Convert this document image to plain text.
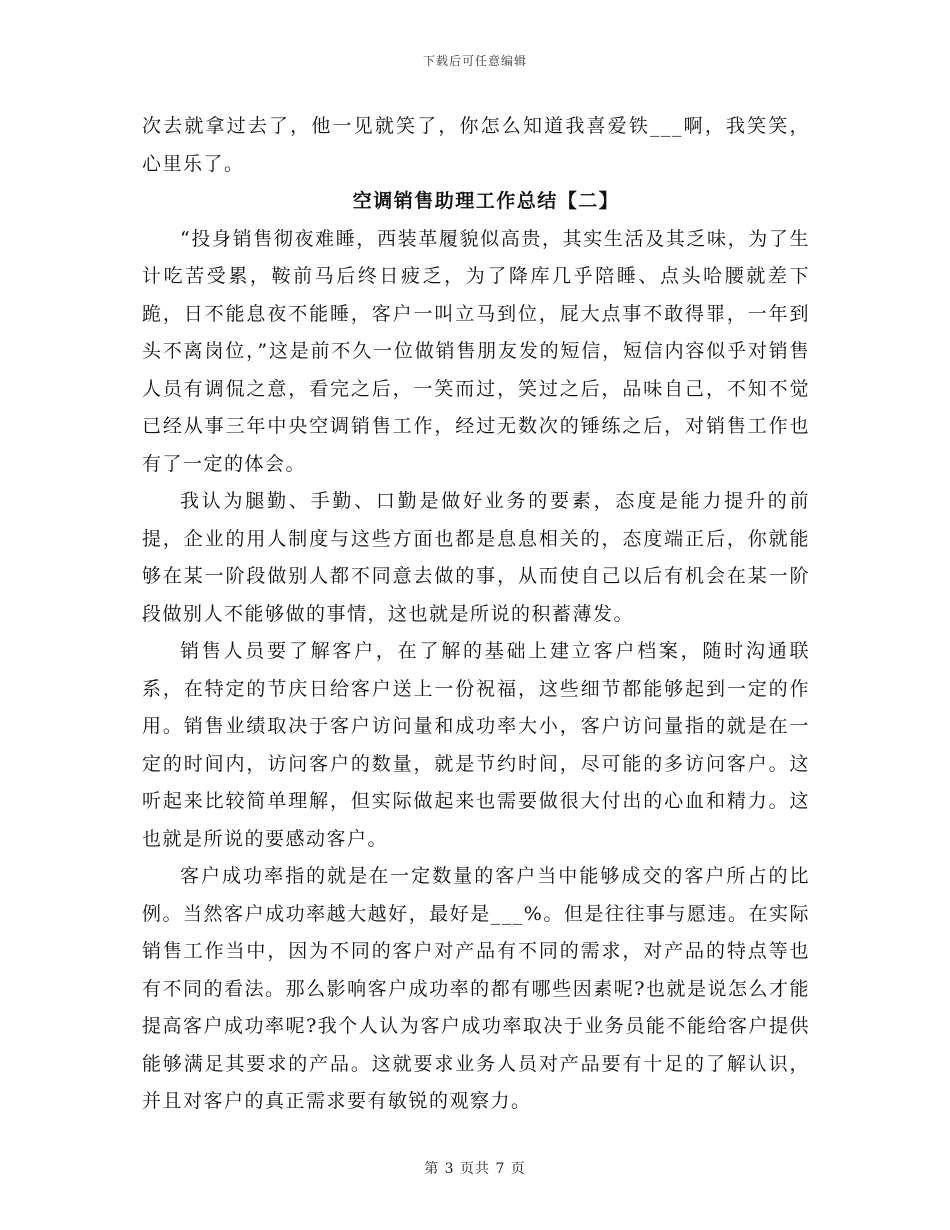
下载后可任意编辑

次去就拿过去了，他一见就笑了，你怎么知道我喜爱铁___啊，我笑笑，心里乐了。

空调销售助理工作总结【二】

“投身销售彻夜难睡，西装革履貌似高贵，其实生活及其乏味，为了生计吃苦受累，鞍前马后终日疲乏，为了降库几乎陪睡、点头哈腰就差下跪，日不能息夜不能睡，客户一叫立马到位，屁大点事不敢得罪，一年到头不离岗位，”这是前不久一位做销售朋友发的短信，短信内容似乎对销售人员有调侃之意，看完之后，一笑而过，笑过之后，品味自己，不知不觉已经从事三年中央空调销售工作，经过无数次的锤练之后，对销售工作也有了一定的体会。

我认为腿勤、手勤、口勤是做好业务的要素，态度是能力提升的前提，企业的用人制度与这些方面也都是息息相关的，态度端正后，你就能够在某一阶段做别人都不同意去做的事，从而使自己以后有机会在某一阶段做别人不能够做的事情，这也就是所说的积蓄薄发。

销售人员要了解客户，在了解的基础上建立客户档案，随时沟通联系，在特定的节庆日给客户送上一份祝福，这些细节都能够起到一定的作用。销售业绩取决于客户访问量和成功率大小，客户访问量指的就是在一定的时间内，访问客户的数量，就是节约时间，尽可能的多访问客户。这听起来比较简单理解，但实际做起来也需要做很大付出的心血和精力。这也就是所说的要感动客户。

客户成功率指的就是在一定数量的客户当中能够成交的客户所占的比例。当然客户成功率越大越好，最好是___%。但是往往事与愿违。在实际销售工作当中，因为不同的客户对产品有不同的需求，对产品的特点等也有不同的看法。那么影响客户成功率的都有哪些因素呢?也就是说怎么才能提高客户成功率呢?我个人认为客户成功率取决于业务员能不能给客户提供能够满足其要求的产品。这就要求业务人员对产品要有十足的了解认识，并且对客户的真正需求要有敏锐的观察力。

第 3 页共 7 页
